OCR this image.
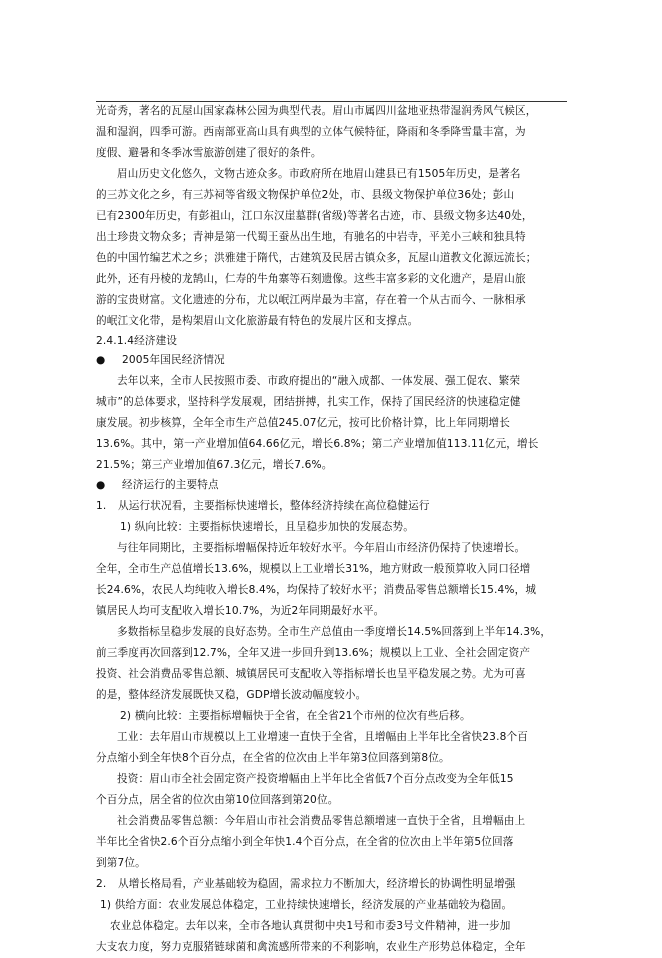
光奇秀，著名的瓦屋山国家森林公园为典型代表。眉山市属四川盆地亚热带湿润秀风气候区，
温和湿润，四季可游。西南部亚高山具有典型的立体气候特征，降雨和冬季降雪量丰富，为
度假、避暑和冬季冰雪旅游创建了很好的条件。
眉山历史文化悠久，文物古迹众多。市政府所在地眉山建县已有1505年历史，是著名
的三苏文化之乡，有三苏祠等省级文物保护单位2处，市、县级文物保护单位36处；彭山
已有2300年历史，有彭祖山，江口东汉崖墓群(省级)等著名古迹，市、县级文物多达40处，
出土珍贵文物众多；青神是第一代蜀王蚕丛出生地，有驰名的中岩寺，平羌小三峡和独具特
色的中国竹编艺术之乡；洪雅建于隋代，古建筑及民居古镇众多，瓦屋山道教文化源远流长；
此外，还有丹棱的龙鹄山，仁寿的牛角寨等石刻遗像。这些丰富多彩的文化遗产，是眉山旅
游的宝贵财富。文化遗迹的分布，尤以岷江两岸最为丰富，存在着一个从古而今、一脉相承
的岷江文化带，是构架眉山文化旅游最有特色的发展片区和支撑点。
2.4.1.4经济建设
● 2005年国民经济情况
去年以来，全市人民按照市委、市政府提出的“融入成都、一体发展、强工促农、繁荣
城市”的总体要求，坚持科学发展观，团结拼搏，扎实工作，保持了国民经济的快速稳定健
康发展。初步核算，全年全市生产总值245.07亿元，按可比价格计算，比上年同期增长
13.6%。其中，第一产业增加值64.66亿元，增长6.8%；第二产业增加值113.11亿元，增长
21.5%；第三产业增加值67.3亿元，增长7.6%。
● 经济运行的主要特点
1. 从运行状况看，主要指标快速增长，整体经济持续在高位稳健运行
1) 纵向比较：主要指标快速增长，且呈稳步加快的发展态势。
与往年同期比，主要指标增幅保持近年较好水平。今年眉山市经济仍保持了快速增长。
全年，全市生产总值增长13.6%，规模以上工业增长31%，地方财政一般预算收入同口径增
长24.6%，农民人均纯收入增长8.4%，均保持了较好水平；消费品零售总额增长15.4%，城
镇居民人均可支配收入增长10.7%，为近2年同期最好水平。
多数指标呈稳步发展的良好态势。全市生产总值由一季度增长14.5%回落到上半年14.3%，
前三季度再次回落到12.7%，全年又进一步回升到13.6%；规模以上工业、全社会固定资产
投资、社会消费品零售总额、城镇居民可支配收入等指标增长也呈平稳发展之势。尤为可喜
的是，整体经济发展既快又稳，GDP增长波动幅度较小。
2) 横向比较：主要指标增幅快于全省，在全省21个市州的位次有些后移。
工业：去年眉山市规模以上工业增速一直快于全省，且增幅由上半年比全省快23.8个百
分点缩小到全年快8个百分点，在全省的位次由上半年第3位回落到第8位。
投资：眉山市全社会固定资产投资增幅由上半年比全省低7个百分点改变为全年低15
个百分点，居全省的位次由第10位回落到第20位。
社会消费品零售总额：今年眉山市社会消费品零售总额增速一直快于全省，且增幅由上
半年比全省快2.6个百分点缩小到全年快1.4个百分点，在全省的位次由上半年第5位回落
到第7位。
2. 从增长格局看，产业基础较为稳固，需求拉力不断加大，经济增长的协调性明显增强
1) 供给方面：农业发展总体稳定，工业持续快速增长，经济发展的产业基础较为稳固。
农业总体稳定。去年以来，全市各地认真贯彻中央1号和市委3号文件精神，进一步加
大支农力度，努力克服猪链球菌和禽流感所带来的不利影响，农业生产形势总体稳定，全年
